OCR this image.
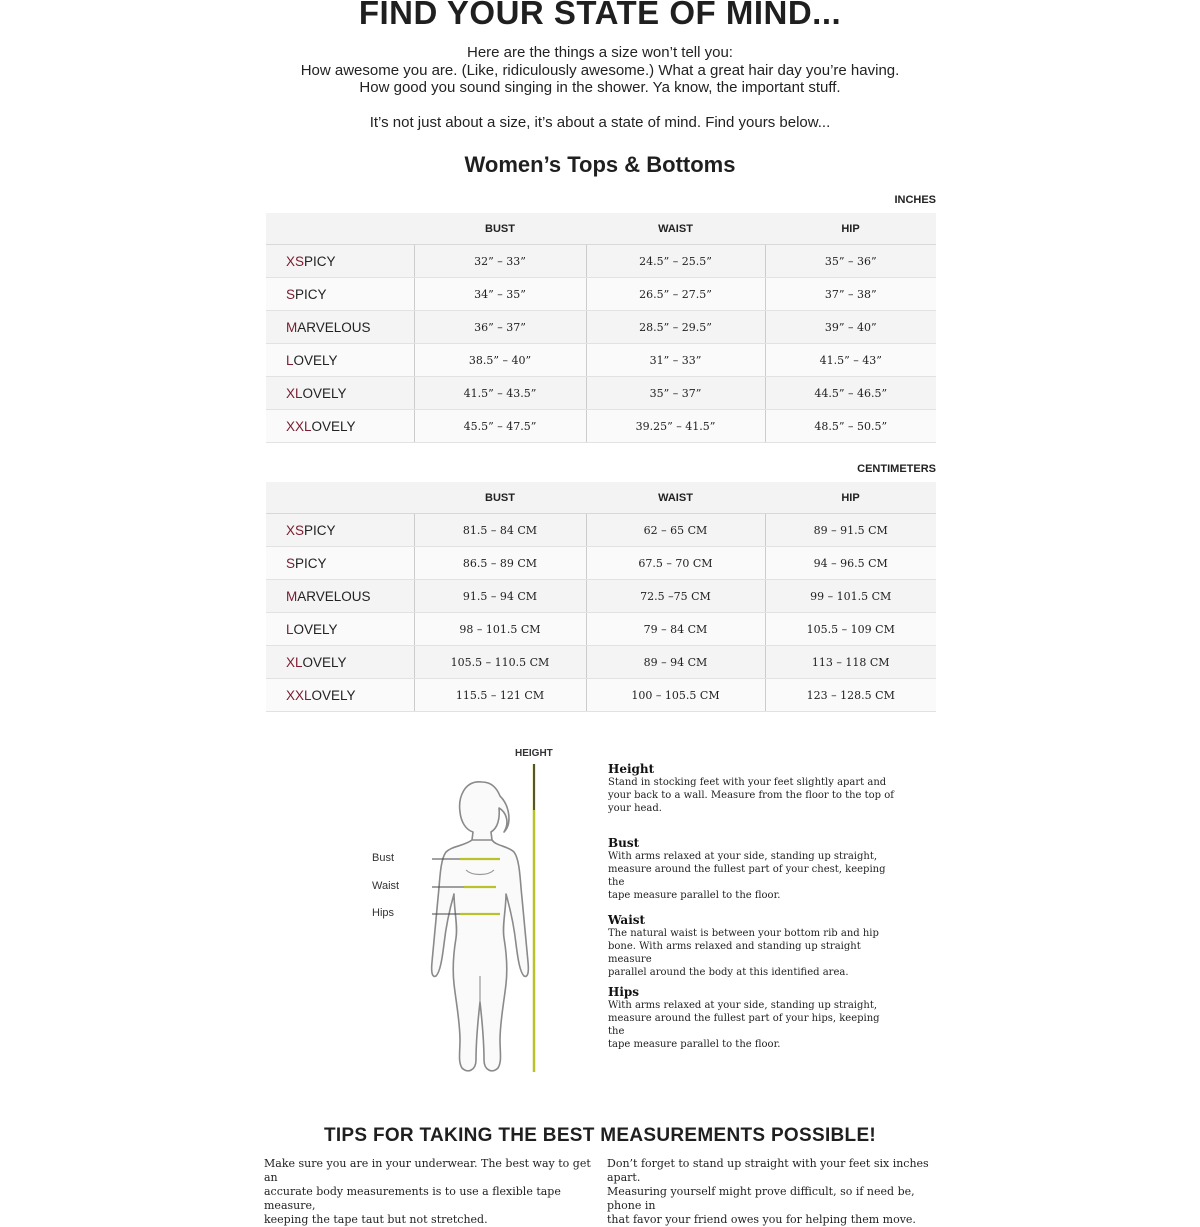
FIND YOUR STATE OF MIND...
Here are the things a size won’t tell you:
How awesome you are. (Like, ridiculously awesome.) What a great hair day you’re having.
How good you sound singing in the shower. Ya know, the important stuff.
It’s not just about a size, it’s about a state of mind. Find yours below...
Women’s Tops & Bottoms
INCHES
	BUST	WAIST	HIP
XSPICY	32” – 33”	24.5” – 25.5”	35” – 36”
SPICY	34” – 35”	26.5” – 27.5”	37” – 38”
MARVELOUS	36” – 37”	28.5” – 29.5”	39” – 40”
LOVELY	38.5” – 40”	31” – 33”	41.5” – 43”
XLOVELY	41.5” – 43.5”	35” – 37”	44.5” – 46.5”
XXLOVELY	45.5” – 47.5”	39.25” – 41.5”	48.5” – 50.5”
CENTIMETERS
	BUST	WAIST	HIP
XSPICY	81.5 – 84 CM	62 – 65 CM	89 – 91.5 CM
SPICY	86.5 – 89 CM	67.5 – 70 CM	94 – 96.5 CM
MARVELOUS	91.5 – 94 CM	72.5 –75 CM	99 – 101.5 CM
LOVELY	98 – 101.5 CM	79 – 84 CM	105.5 – 109 CM
XLOVELY	105.5 – 110.5 CM	89 – 94 CM	113 – 118 CM
XXLOVELY	115.5 – 121 CM	100 – 105.5 CM	123 – 128.5 CM
HEIGHT
Bust
Waist
Hips
Height
Stand in stocking feet with your feet slightly apart and
your back to a wall. Measure from the floor to the top of
your head.
Bust
With arms relaxed at your side, standing up straight,
measure around the fullest part of your chest, keeping the
tape measure parallel to the floor.
Waist
The natural waist is between your bottom rib and hip
bone. With arms relaxed and standing up straight measure
parallel around the body at this identified area.
Hips
With arms relaxed at your side, standing up straight,
measure around the fullest part of your hips, keeping the
tape measure parallel to the floor.
TIPS FOR TAKING THE BEST MEASUREMENTS POSSIBLE!
Make sure you are in your underwear. The best way to get an
accurate body measurements is to use a flexible tape measure,
keeping the tape taut but not stretched.
Don’t forget to stand up straight with your feet six inches apart.
Measuring yourself might prove difficult, so if need be, phone in
that favor your friend owes you for helping them move.
